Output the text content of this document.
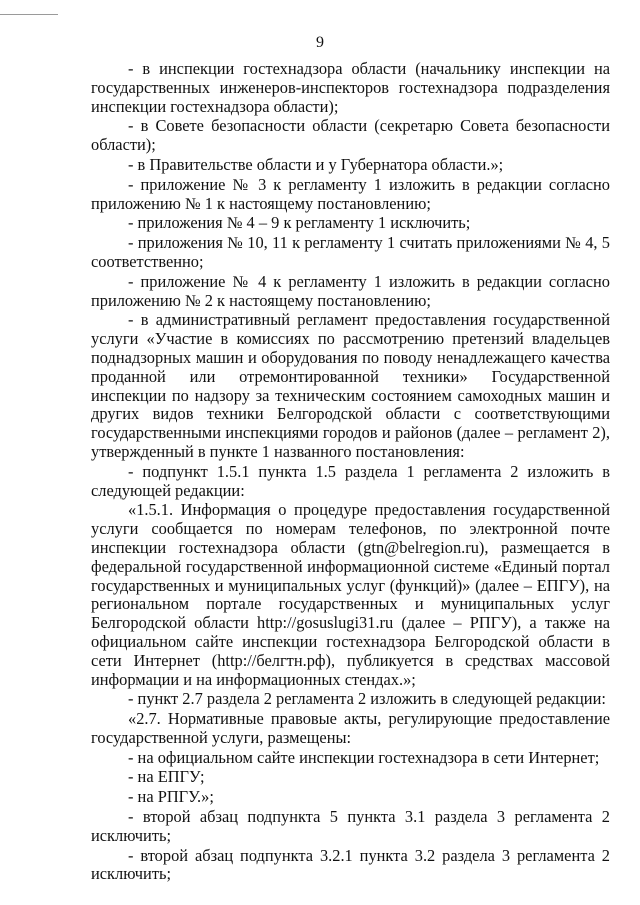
9

- в инспекции гостехнадзора области (начальнику инспекции на государственных инженеров-инспекторов гостехнадзора подразделения инспекции гостехнадзора области);

- в Совете безопасности области (секретарю Совета безопасности области);

- в Правительстве области и у Губернатора области.»;

- приложение № 3 к регламенту 1 изложить в редакции согласно приложению № 1 к настоящему постановлению;

- приложения № 4 – 9 к регламенту 1 исключить;

- приложения № 10, 11 к регламенту 1 считать приложениями № 4, 5 соответственно;

- приложение № 4 к регламенту 1 изложить в редакции согласно приложению № 2 к настоящему постановлению;

- в административный регламент предоставления государственной услуги «Участие в комиссиях по рассмотрению претензий владельцев поднадзорных машин и оборудования по поводу ненадлежащего качества проданной или отремонтированной техники» Государственной инспекции по надзору за техническим состоянием самоходных машин и других видов техники Белгородской области с соответствующими государственными инспекциями городов и районов (далее – регламент 2), утвержденный в пункте 1 названного постановления:

- подпункт 1.5.1 пункта 1.5 раздела 1 регламента 2 изложить в следующей редакции:

«1.5.1. Информация о процедуре предоставления государственной услуги сообщается по номерам телефонов, по электронной почте инспекции гостехнадзора области (gtn@belregion.ru), размещается в федеральной государственной информационной системе «Единый портал государственных и муниципальных услуг (функций)» (далее – ЕПГУ), на региональном портале государственных и муниципальных услуг Белгородской области http://gosuslugi31.ru (далее – РПГУ), а также на официальном сайте инспекции гостехнадзора Белгородской области в сети Интернет (http://белгтн.рф), публикуется в средствах массовой информации и на информационных стендах.»;

- пункт 2.7 раздела 2 регламента 2 изложить в следующей редакции:

«2.7. Нормативные правовые акты, регулирующие предоставление государственной услуги, размещены:

- на официальном сайте инспекции гостехнадзора в сети Интернет;

- на ЕПГУ;

- на РПГУ.»;

- второй абзац подпункта 5 пункта 3.1 раздела 3 регламента 2 исключить;

- второй абзац подпункта 3.2.1 пункта 3.2 раздела 3 регламента 2 исключить;
